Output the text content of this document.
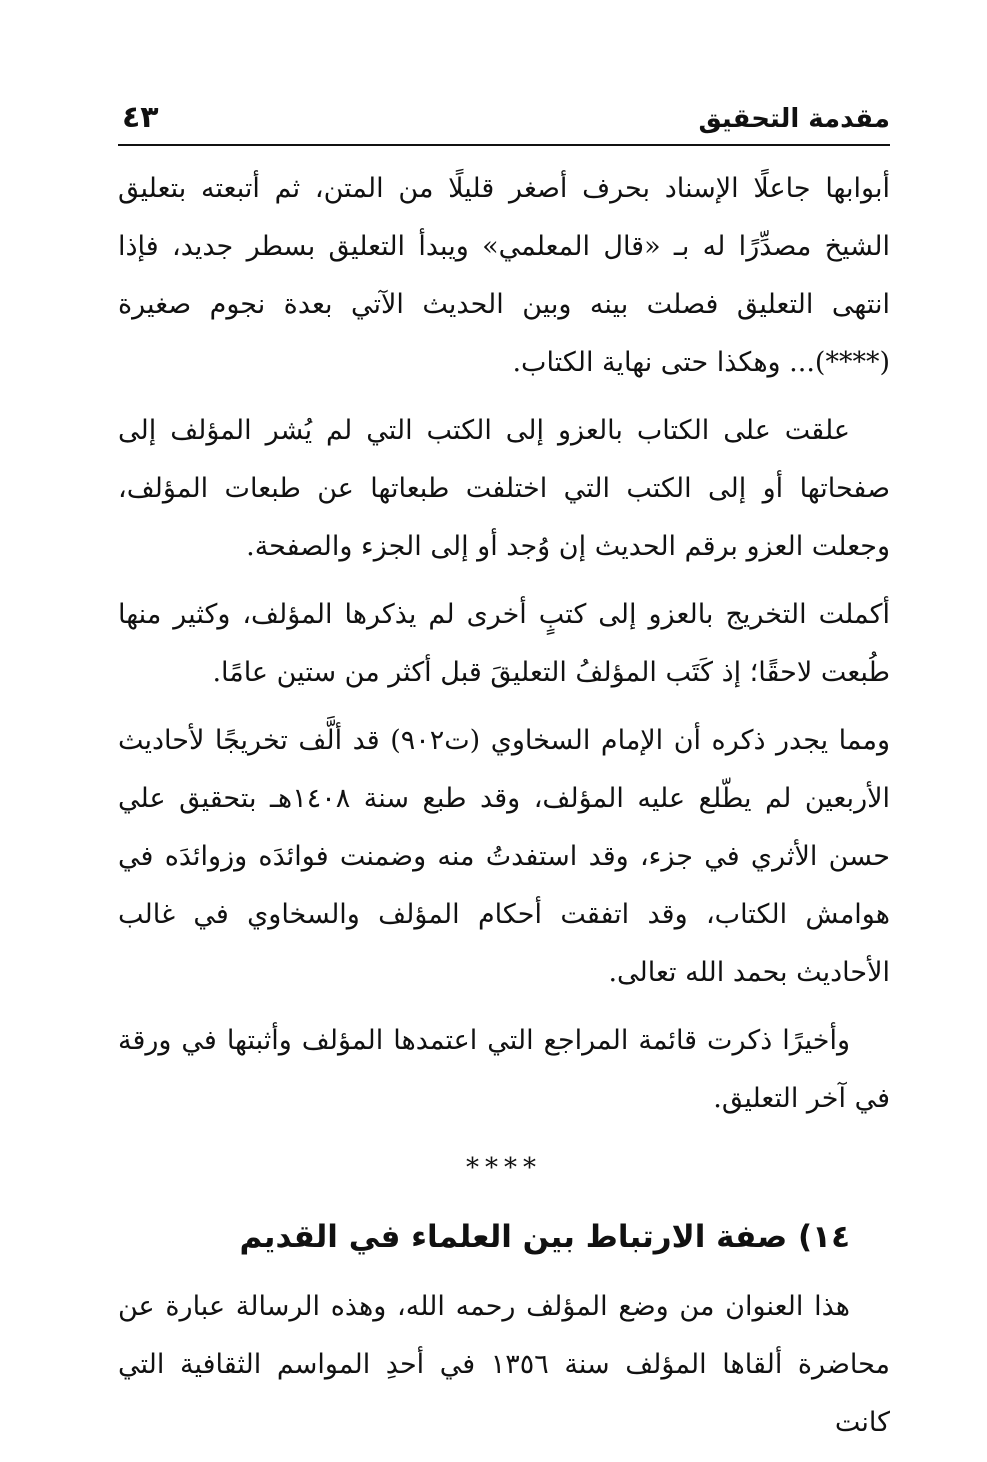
مقدمة التحقيق
٤٣

أبوابها جاعلًا الإسناد بحرف أصغر قليلًا من المتن، ثم أتبعته بتعليق الشيخ مصدِّرًا له بـ «قال المعلمي» ويبدأ التعليق بسطر جديد، فإذا انتهى التعليق فصلت بينه وبين الحديث الآتي بعدة نجوم صغيرة (****)... وهكذا حتى نهاية الكتاب.

علقت على الكتاب بالعزو إلى الكتب التي لم يُشر المؤلف إلى صفحاتها أو إلى الكتب التي اختلفت طبعاتها عن طبعات المؤلف، وجعلت العزو برقم الحديث إن وُجد أو إلى الجزء والصفحة.

أكملت التخريج بالعزو إلى كتبٍ أخرى لم يذكرها المؤلف، وكثير منها طُبعت لاحقًا؛ إذ كَتَب المؤلفُ التعليقَ قبل أكثر من ستين عامًا.

ومما يجدر ذكره أن الإمام السخاوي (ت٩٠٢) قد ألَّف تخريجًا لأحاديث الأربعين لم يطّلع عليه المؤلف، وقد طبع سنة ١٤٠٨هـ بتحقيق علي حسن الأثري في جزء، وقد استفدتُ منه وضمنت فوائدَه وزوائدَه في هوامش الكتاب، وقد اتفقت أحكام المؤلف والسخاوي في غالب الأحاديث بحمد الله تعالى.

وأخيرًا ذكرت قائمة المراجع التي اعتمدها المؤلف وأثبتها في ورقة في آخر التعليق.

****
١٤) صفة الارتباط بين العلماء في القديم

هذا العنوان من وضع المؤلف رحمه الله، وهذه الرسالة عبارة عن محاضرة ألقاها المؤلف سنة ١٣٥٦ في أحدِ المواسم الثقافية التي كانت
